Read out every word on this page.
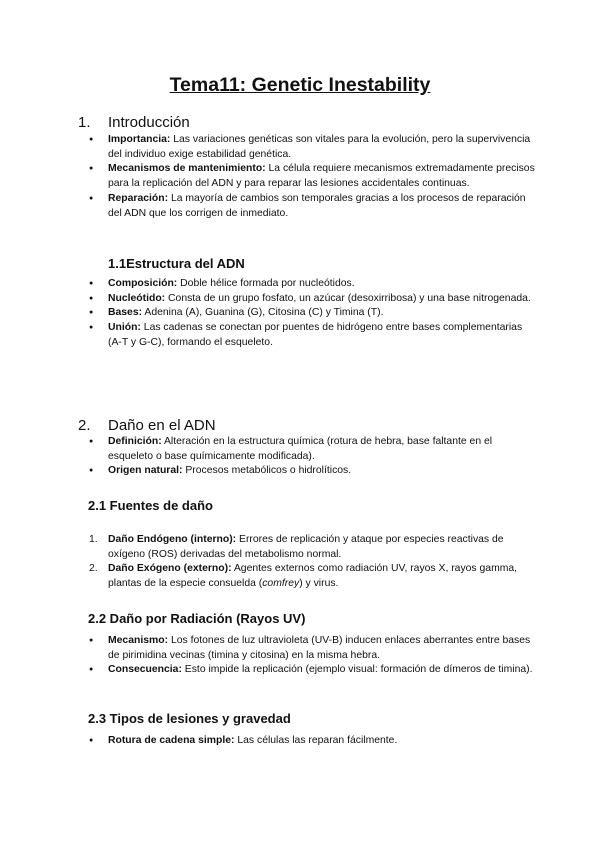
Tema11: Genetic Inestability
1. Introducción
● Importancia: Las variaciones genéticas son vitales para la evolución, pero la supervivencia del individuo exige estabilidad genética.
● Mecanismos de mantenimiento: La célula requiere mecanismos extremadamente precisos para la replicación del ADN y para reparar las lesiones accidentales continuas.
● Reparación: La mayoría de cambios son temporales gracias a los procesos de reparación del ADN que los corrigen de inmediato.
1.1Estructura del ADN
● Composición: Doble hélice formada por nucleótidos.
● Nucleótido: Consta de un grupo fosfato, un azúcar (desoxirribosa) y una base nitrogenada.
● Bases: Adenina (A), Guanina (G), Citosina (C) y Timina (T).
● Unión: Las cadenas se conectan por puentes de hidrógeno entre bases complementarias (A-T y G-C), formando el esqueleto.
2. Daño en el ADN
● Definición: Alteración en la estructura química (rotura de hebra, base faltante en el esqueleto o base químicamente modificada).
● Origen natural: Procesos metabólicos o hidrolíticos.
2.1 Fuentes de daño
1. Daño Endógeno (interno): Errores de replicación y ataque por especies reactivas de oxígeno (ROS) derivadas del metabolismo normal.
2. Daño Exógeno (externo): Agentes externos como radiación UV, rayos X, rayos gamma, plantas de la especie consuelda (comfrey) y virus.
2.2 Daño por Radiación (Rayos UV)
● Mecanismo: Los fotones de luz ultravioleta (UV-B) inducen enlaces aberrantes entre bases de pirimidina vecinas (timina y citosina) en la misma hebra.
● Consecuencia: Esto impide la replicación (ejemplo visual: formación de dímeros de timina).
2.3 Tipos de lesiones y gravedad
● Rotura de cadena simple: Las células las reparan fácilmente.
